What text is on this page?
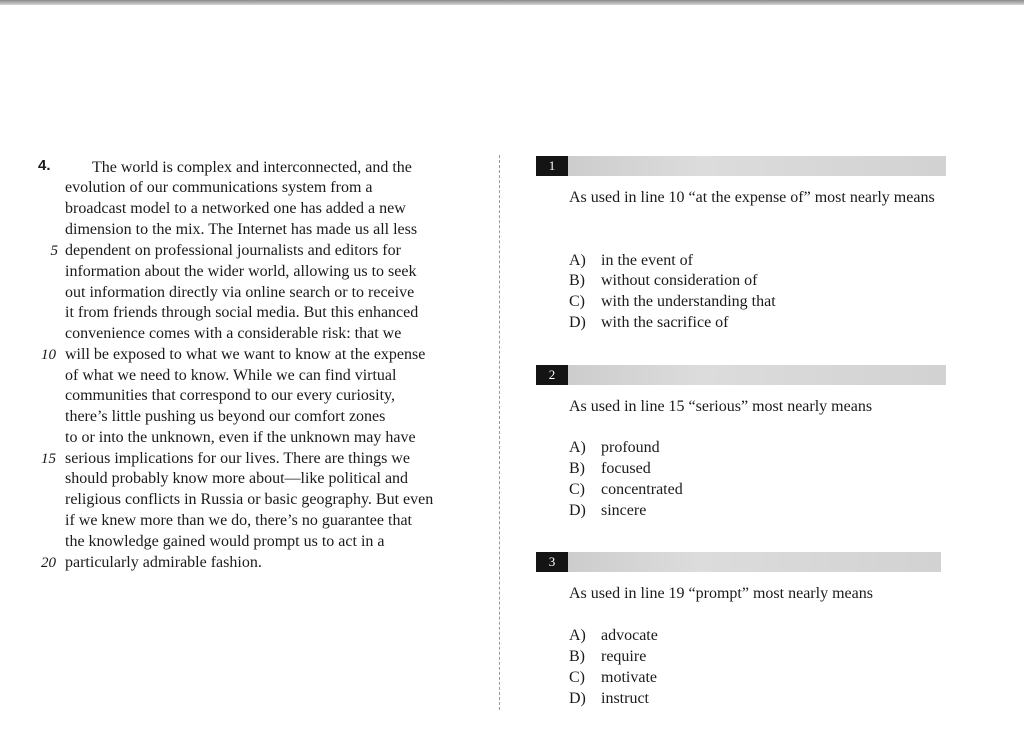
4.	The world is complex and interconnected, and the
evolution of our communications system from a
broadcast model to a networked one has added a new
dimension to the mix. The Internet has made us all less
5 dependent on professional journalists and editors for
information about the wider world, allowing us to seek
out information directly via online search or to receive
it from friends through social media. But this enhanced
convenience comes with a considerable risk: that we
10 will be exposed to what we want to know at the expense
of what we need to know. While we can find virtual
communities that correspond to our every curiosity,
there’s little pushing us beyond our comfort zones
to or into the unknown, even if the unknown may have
15 serious implications for our lives. There are things we
should probably know more about—like political and
religious conflicts in Russia or basic geography. But even
if we knew more than we do, there’s no guarantee that
the knowledge gained would prompt us to act in a
20 particularly admirable fashion.
1
As used in line 10 “at the expense of” most nearly means
A) in the event of
B) without consideration of
C) with the understanding that
D) with the sacrifice of
2
As used in line 15 “serious” most nearly means
A) profound
B) focused
C) concentrated
D) sincere
3
As used in line 19 “prompt” most nearly means
A) advocate
B) require
C) motivate
D) instruct
